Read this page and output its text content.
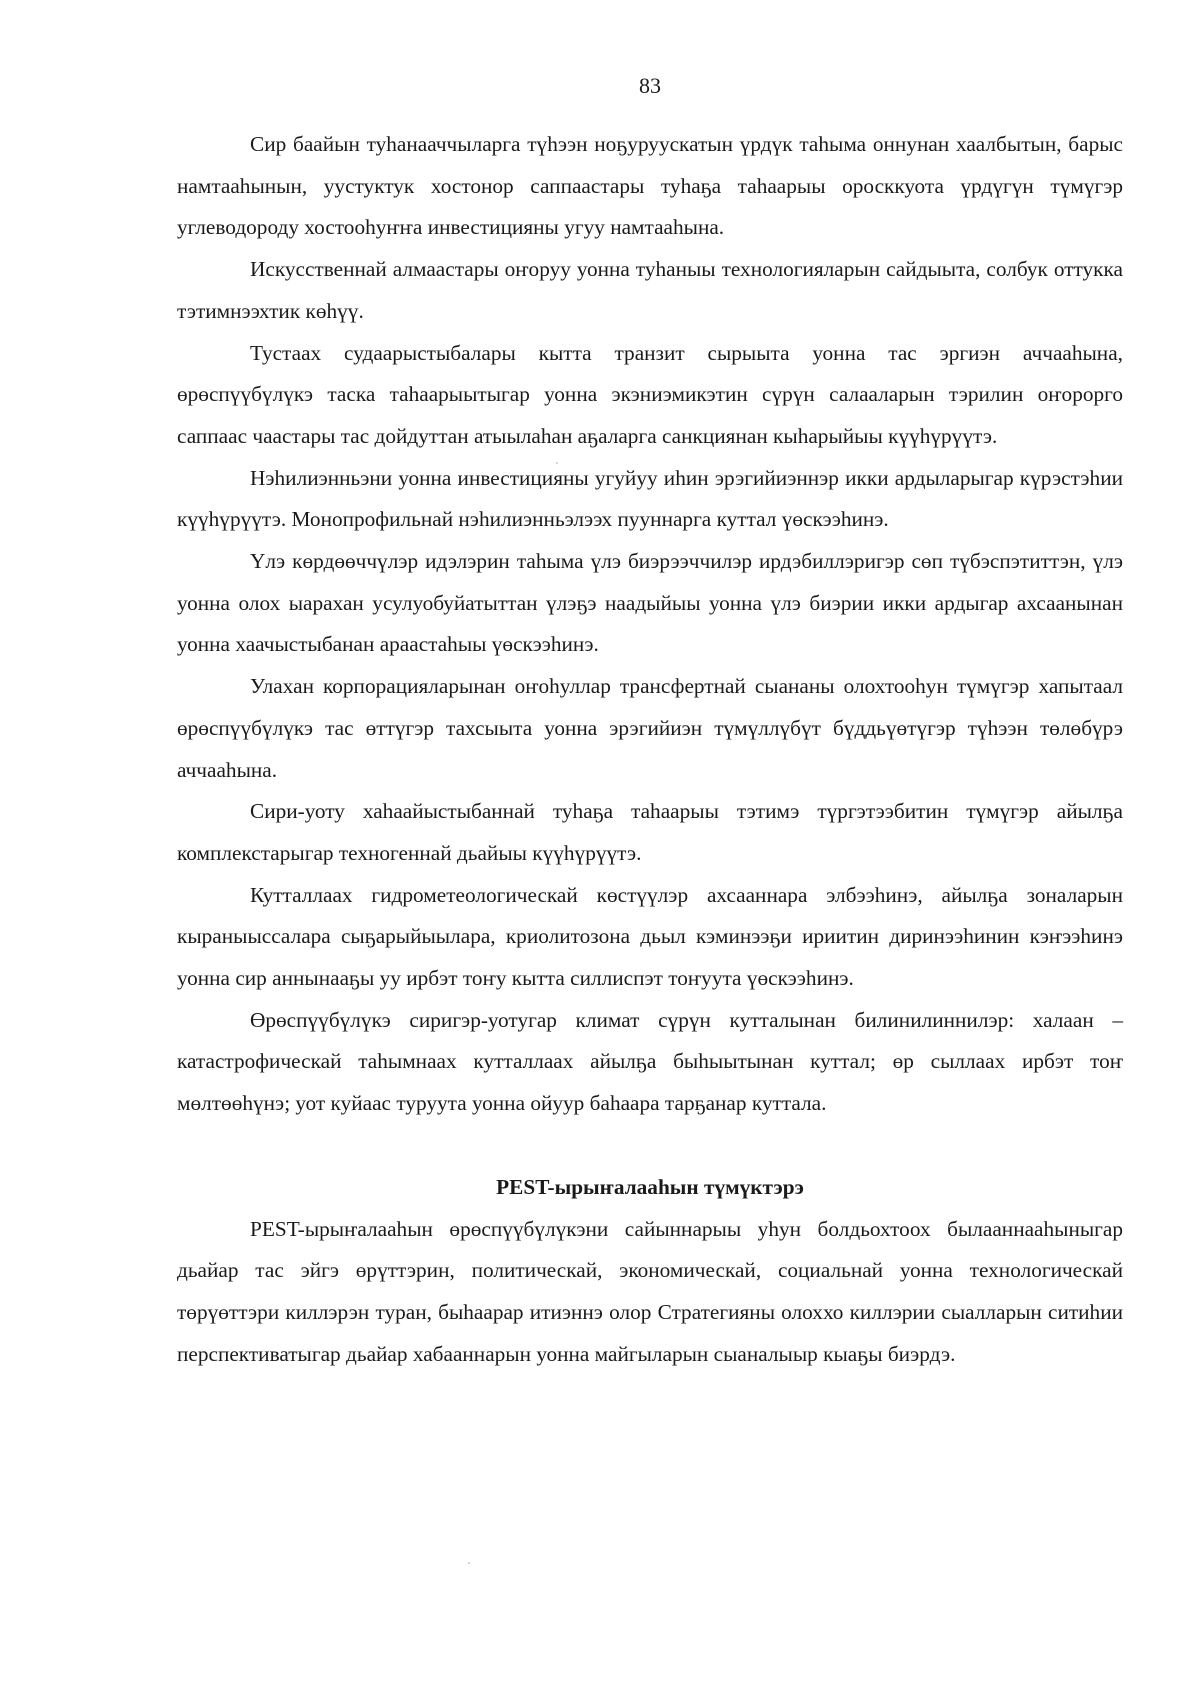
83

Сир баайын туһанааччыларга түһээн ноҕуруускатын үрдүк таһыма оннунан хаалбытын, барыс намтааһынын, уустуктук хостонор саппаастары туһаҕа таһаарыы оросккуота үрдүгүн түмүгэр углеводороду хостооһуҥҥа инвестицияны угуу намтааһына.

Искусственнай алмаастары оҥоруу уонна туһаныы технологияларын сайдыыта, солбук оттукка тэтимнээхтик көһүү.

Тустаах судаарыстыбалары кытта транзит сырыыта уонна тас эргиэн аччааһына, өрөспүүбүлүкэ таска таһаарыытыгар уонна экэниэмикэтин сүрүн салааларын тэрилин оҥорорго саппаас чаастары тас дойдуттан атыылаһан аҕаларга санкциянан кыһарыйыы күүһүрүүтэ.

Нэһилиэнньэни уонна инвестицияны угуйуу иһин эрэгийиэннэр икки ардыларыгар күрэстэһии күүһүрүүтэ. Монопрофильнай нэһилиэнньэлээх пууннарга куттал үөскээһинэ.

Үлэ көрдөөччүлэр идэлэрин таһыма үлэ биэрээччилэр ирдэбиллэригэр сөп түбэспэтиттэн, үлэ уонна олох ыарахан усулуобуйатыттан үлэҕэ наадыйыы уонна үлэ биэрии икки ардыгар ахсаанынан уонна хаачыстыбанан араастаһыы үөскээһинэ.

Улахан корпорацияларынан оҥоһуллар трансфертнай сыананы олохтооһун түмүгэр хапытаал өрөспүүбүлүкэ тас өттүгэр тахсыыта уонна эрэгийиэн түмүллүбүт бүддьүөтүгэр түһээн төлөбүрэ аччааһына.

Сири-уоту хаһаайыстыбаннай туһаҕа таһаарыы тэтимэ түргэтээбитин түмүгэр айылҕа комплекстарыгар техногеннай дьайыы күүһүрүүтэ.

Кутталлаах гидрометеологическай көстүүлэр ахсааннара элбээһинэ, айылҕа зоналарын кыраныыссалара сыҕарыйыылара, криолитозона дьыл кэминээҕи ириитин диринээһинин кэҥээһинэ уонна сир аннынааҕы уу ирбэт тоҥу кытта силлиспэт тоҥуута үөскээһинэ.

Өрөспүүбүлүкэ сиригэр-уотугар климат сүрүн кутталынан билинилиннилэр: халаан – катастрофическай таһымнаах кутталлаах айылҕа быһыытынан куттал; өр сыллаах ирбэт тоҥ мөлтөөһүнэ; уот куйаас туруута уонна ойуур баһаара тарҕанар куттала.

PEST-ырыҥалааһын түмүктэрэ

PEST-ырыҥалааһын өрөспүүбүлүкэни сайыннарыы уһун болдьохтоох былааннааһыныгар дьайар тас эйгэ өрүттэрин, политическай, экономическай, социальнай уонна технологическай төрүөттэри киллэрэн туран, быһаарар итиэннэ олор Стратегияны олоххо киллэрии сыалларын ситиһии перспективатыгар дьайар хабааннарын уонна майгыларын сыаналыыр кыаҕы биэрдэ.
